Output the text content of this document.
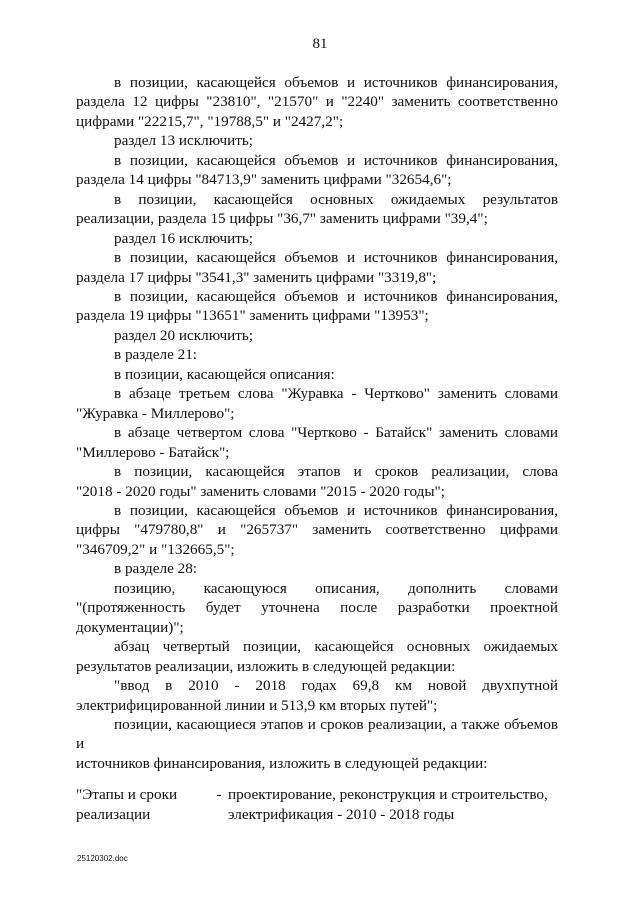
81

в позиции, касающейся объемов и источников финансирования,

раздела 12 цифры "23810", "21570" и "2240" заменить соответственно

цифрами "22215,7", "19788,5" и "2427,2";

раздел 13 исключить;

в позиции, касающейся объемов и источников финансирования,

раздела 14 цифры "84713,9" заменить цифрами "32654,6";

в позиции, касающейся основных ожидаемых результатов

реализации, раздела 15 цифры "36,7" заменить цифрами "39,4";

раздел 16 исключить;

в позиции, касающейся объемов и источников финансирования,

раздела 17 цифры "3541,3" заменить цифрами "3319,8";

в позиции, касающейся объемов и источников финансирования,

раздела 19 цифры "13651" заменить цифрами "13953";

раздел 20 исключить;

в разделе 21:

в позиции, касающейся описания:

в абзаце третьем слова "Журавка - Чертково" заменить словами

"Журавка - Миллерово";

в абзаце четвертом слова "Чертково - Батайск" заменить словами

"Миллерово - Батайск";

в позиции, касающейся этапов и сроков реализации, слова

"2018 - 2020 годы" заменить словами "2015 - 2020 годы";

в позиции, касающейся объемов и источников финансирования,

цифры "479780,8" и "265737" заменить соответственно цифрами

"346709,2" и "132665,5";

в разделе 28:

позицию, касающуюся описания, дополнить словами

"(протяженность будет уточнена после разработки проектной

документации)";

абзац четвертый позиции, касающейся основных ожидаемых

результатов реализации, изложить в следующей редакции:

"ввод в 2010 - 2018 годах 69,8 км новой двухпутной

электрифицированной линии и 513,9 км вторых путей";

позиции, касающиеся этапов и сроков реализации, а также объемов и

источников финансирования, изложить в следующей редакции:

"Этапы и сроки	- проектирование, реконструкция и строительство,
реализации	электрификация - 2010 - 2018 годы
25120302.doc
